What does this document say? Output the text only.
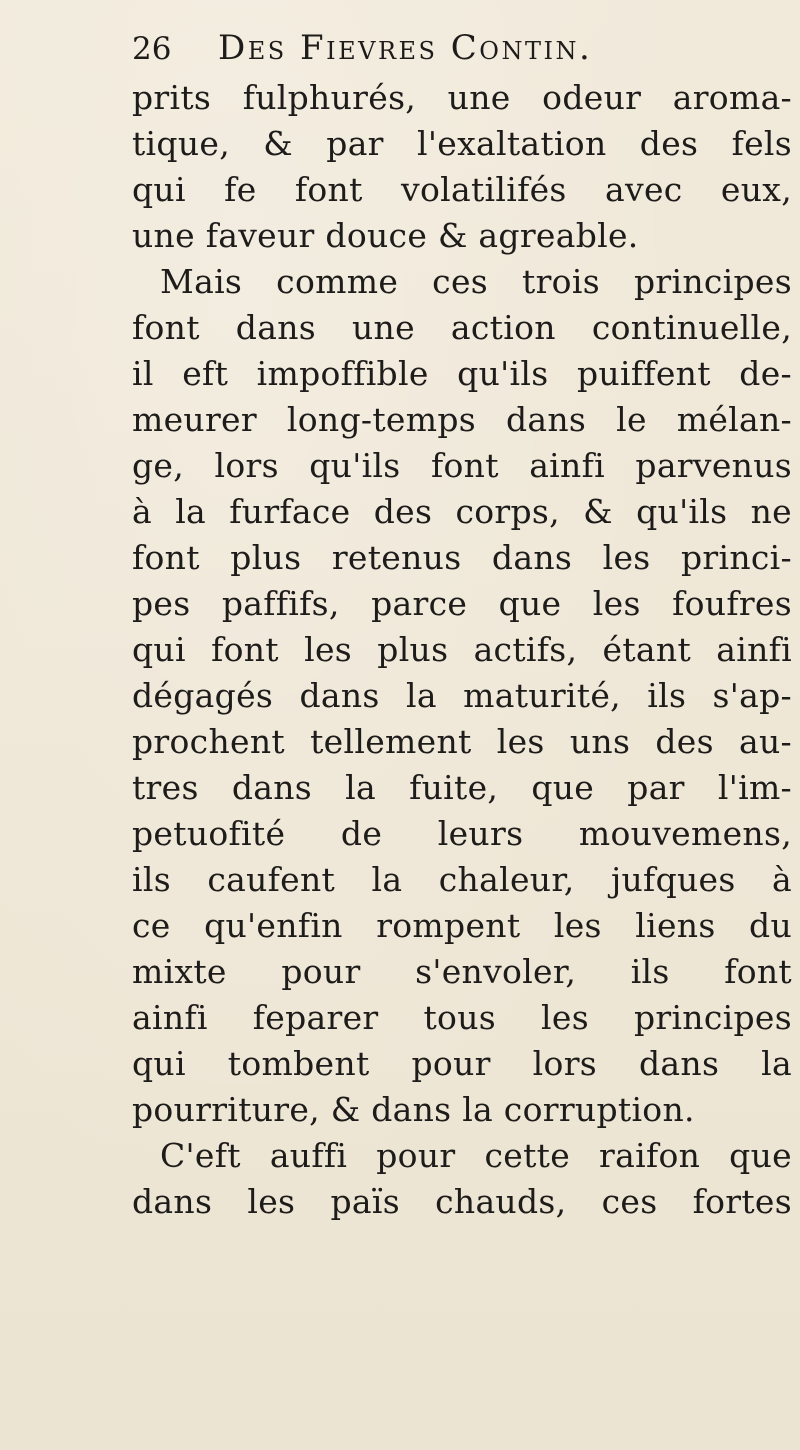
26	Des Fievres Contin.
prits fulphurés, une odeur aroma-
tique, & par l'exaltation des fels
qui fe font volatilifés avec eux,
une faveur douce & agreable.
Mais comme ces trois principes
font dans une action continuelle,
il eft impoffible qu'ils puiffent de-
meurer long-temps dans le mélan-
ge, lors qu'ils font ainfi parvenus
à la furface des corps, & qu'ils ne
font plus retenus dans les princi-
pes paffifs, parce que les foufres
qui font les plus actifs, étant ainfi
dégagés dans la maturité, ils s'ap-
prochent tellement les uns des au-
tres dans la fuite, que par l'im-
petuofité de leurs mouvemens,
ils caufent la chaleur, jufques à
ce qu'enfin rompent les liens du
mixte pour s'envoler, ils font
ainfi feparer tous les principes
qui tombent pour lors dans la
pourriture, & dans la corruption.
C'eft auffi pour cette raifon que
dans les païs chauds, ces fortes
